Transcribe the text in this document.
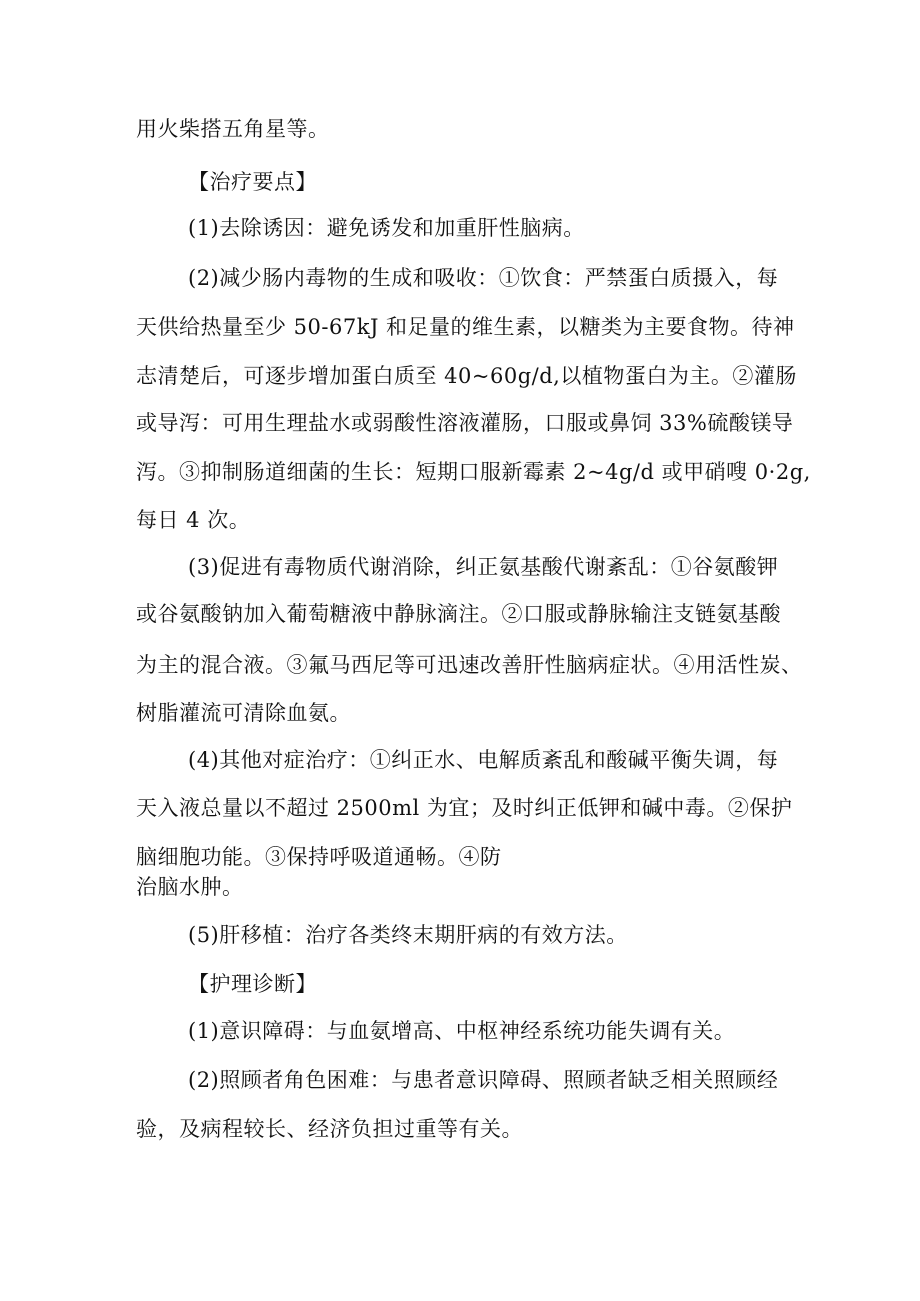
用火柴搭五角星等。
【治疗要点】
(1)去除诱因：避免诱发和加重肝性脑病。
(2)减少肠内毒物的生成和吸收：①饮食：严禁蛋白质摄入，每
天供给热量至少 50-67kJ 和足量的维生素，以糖类为主要食物。待神
志清楚后，可逐步增加蛋白质至 40~60g/d,以植物蛋白为主。②灌肠
或导泻：可用生理盐水或弱酸性溶液灌肠，口服或鼻饲 33%硫酸镁导
泻。③抑制肠道细菌的生长：短期口服新霉素 2~4g/d 或甲硝嗖 0·2g,
每日 4 次。
(3)促进有毒物质代谢消除，纠正氨基酸代谢紊乱：①谷氨酸钾
或谷氨酸钠加入葡萄糖液中静脉滴注。②口服或静脉输注支链氨基酸
为主的混合液。③氟马西尼等可迅速改善肝性脑病症状。④用活性炭、
树脂灌流可清除血氨。
(4)其他对症治疗：①纠正水、电解质紊乱和酸碱平衡失调，每
天入液总量以不超过 2500ml 为宜；及时纠正低钾和碱中毒。②保护
脑细胞功能。③保持呼吸道通畅。④防
治脑水肿。
(5)肝移植：治疗各类终末期肝病的有效方法。
【护理诊断】
(1)意识障碍：与血氨增高、中枢神经系统功能失调有关。
(2)照顾者角色困难：与患者意识障碍、照顾者缺乏相关照顾经
验，及病程较长、经济负担过重等有关。
